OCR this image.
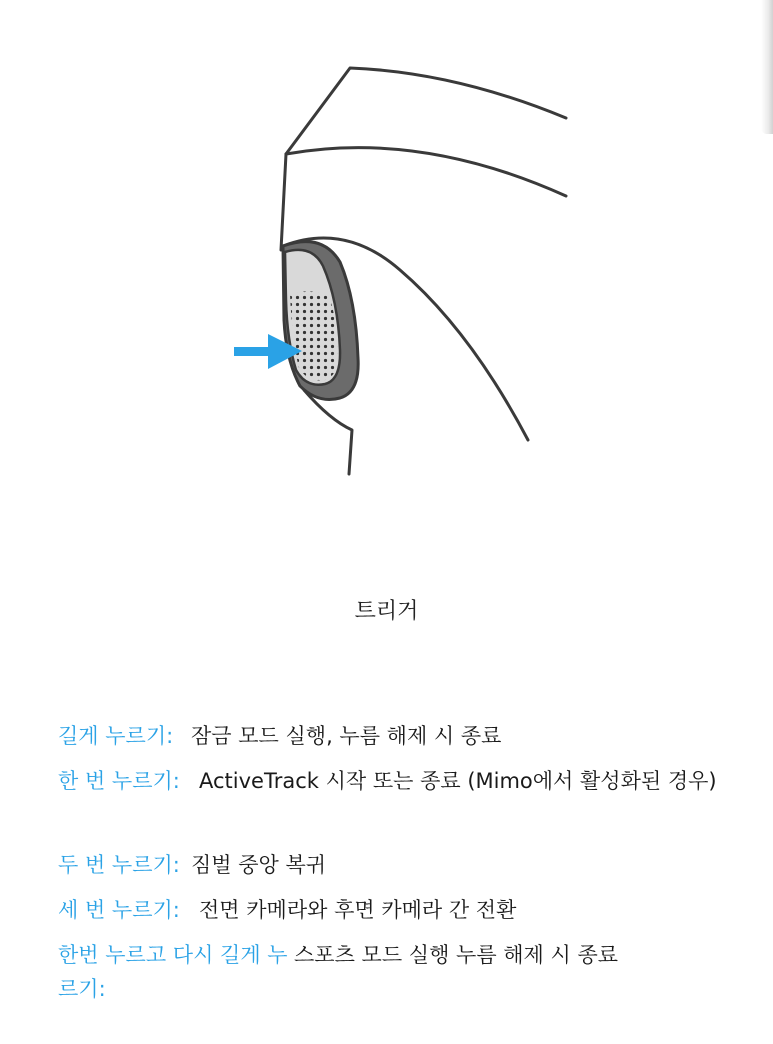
트리거
길게 누르기: 잠금 모드 실행, 누름 해제 시 종료
한 번 누르기: ActiveTrack 시작 또는 종료 (Mimo에서 활성화된 경우)
두 번 누르기: 짐벌 중앙 복귀
세 번 누르기: 전면 카메라와 후면 카메라 간 전환
한번 누르고 다시 길게 누르기:
스포츠 모드 실행 누름 해제 시 종료
